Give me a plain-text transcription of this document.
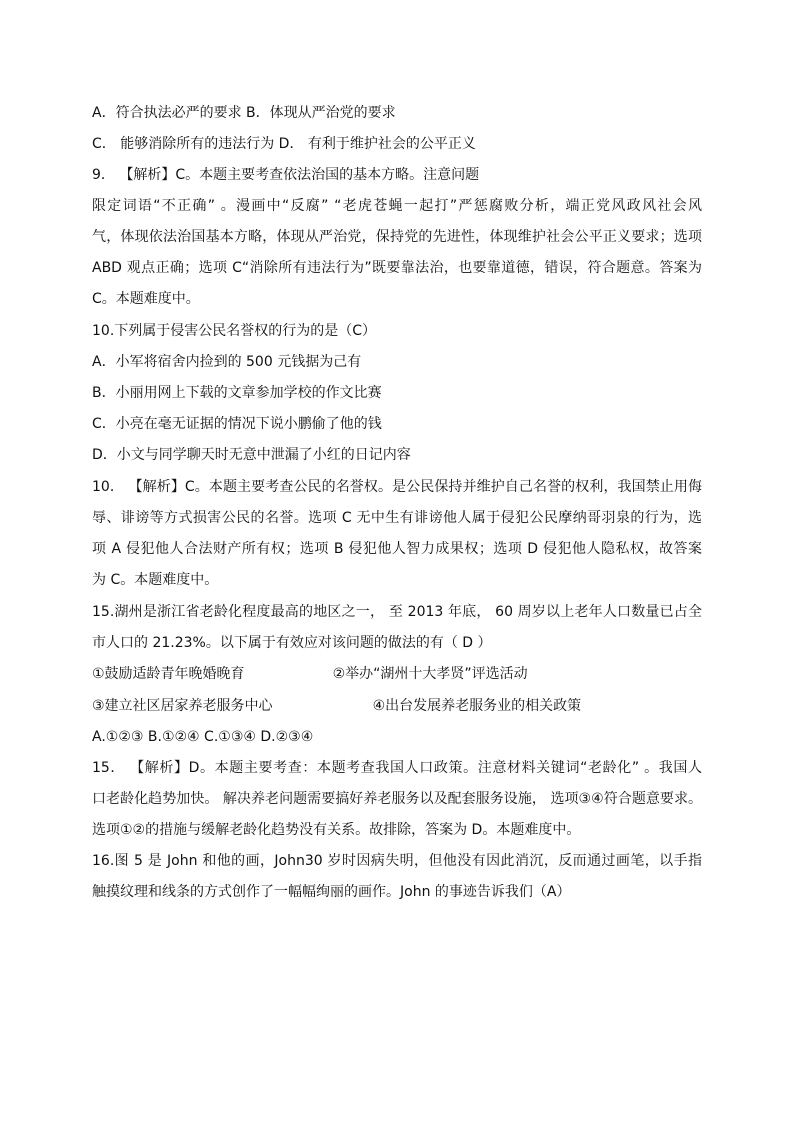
A．符合执法必严的要求 B．体现从严治党的要求
C． 能够消除所有的违法行为 D． 有利于维护社会的公平正义
9． 【解析】C。本题主要考查依法治国的基本方略。注意问题
限定词语“不正确” 。漫画中“反腐” “老虎苍蝇一起打”严惩腐败分析，端正党风政风社会风
气，体现依法治国基本方略，体现从严治党，保持党的先进性，体现维护社会公平正义要求；选项
ABD 观点正确；选项 C“消除所有违法行为”既要靠法治，也要靠道德，错误，符合题意。答案为
C。本题难度中。
10.下列属于侵害公民名誉权的行为的是（C）
A．小军将宿舍内捡到的 500 元钱据为己有
B．小丽用网上下载的文章参加学校的作文比赛
C．小亮在毫无证据的情况下说小鹏偷了他的钱
D．小文与同学聊天时无意中泄漏了小红的日记内容
10． 【解析】C。本题主要考查公民的名誉权。是公民保持并维护自己名誉的权利，我国禁止用侮
辱、诽谤等方式损害公民的名誉。选项 C 无中生有诽谤他人属于侵犯公民摩纳哥羽泉的行为，选
项 A 侵犯他人合法财产所有权；选项 B 侵犯他人智力成果权；选项 D 侵犯他人隐私权，故答案
为 C。本题难度中。
15.湖州是浙江省老龄化程度最高的地区之一， 至 2013 年底， 60 周岁以上老年人口数量已占全
市人口的 21.23%。以下属于有效应对该问题的做法的有（ D ）
①鼓励适龄青年晚婚晚育	②举办“湖州十大孝贤”评选活动
③建立社区居家养老服务中心	④出台发展养老服务业的相关政策
A.①②③ B.①②④ C.①③④ D.②③④
15． 【解析】D。本题主要考查：本题考查我国人口政策。注意材料关键词“老龄化” 。我国人
口老龄化趋势加快。 解决养老问题需要搞好养老服务以及配套服务设施， 选项③④符合题意要求。
选项①②的措施与缓解老龄化趋势没有关系。故排除，答案为 D。本题难度中。
16.图 5 是 John 和他的画，John30 岁时因病失明，但他没有因此消沉，反而通过画笔，以手指
触摸纹理和线条的方式创作了一幅幅绚丽的画作。John 的事迹告诉我们（A）
